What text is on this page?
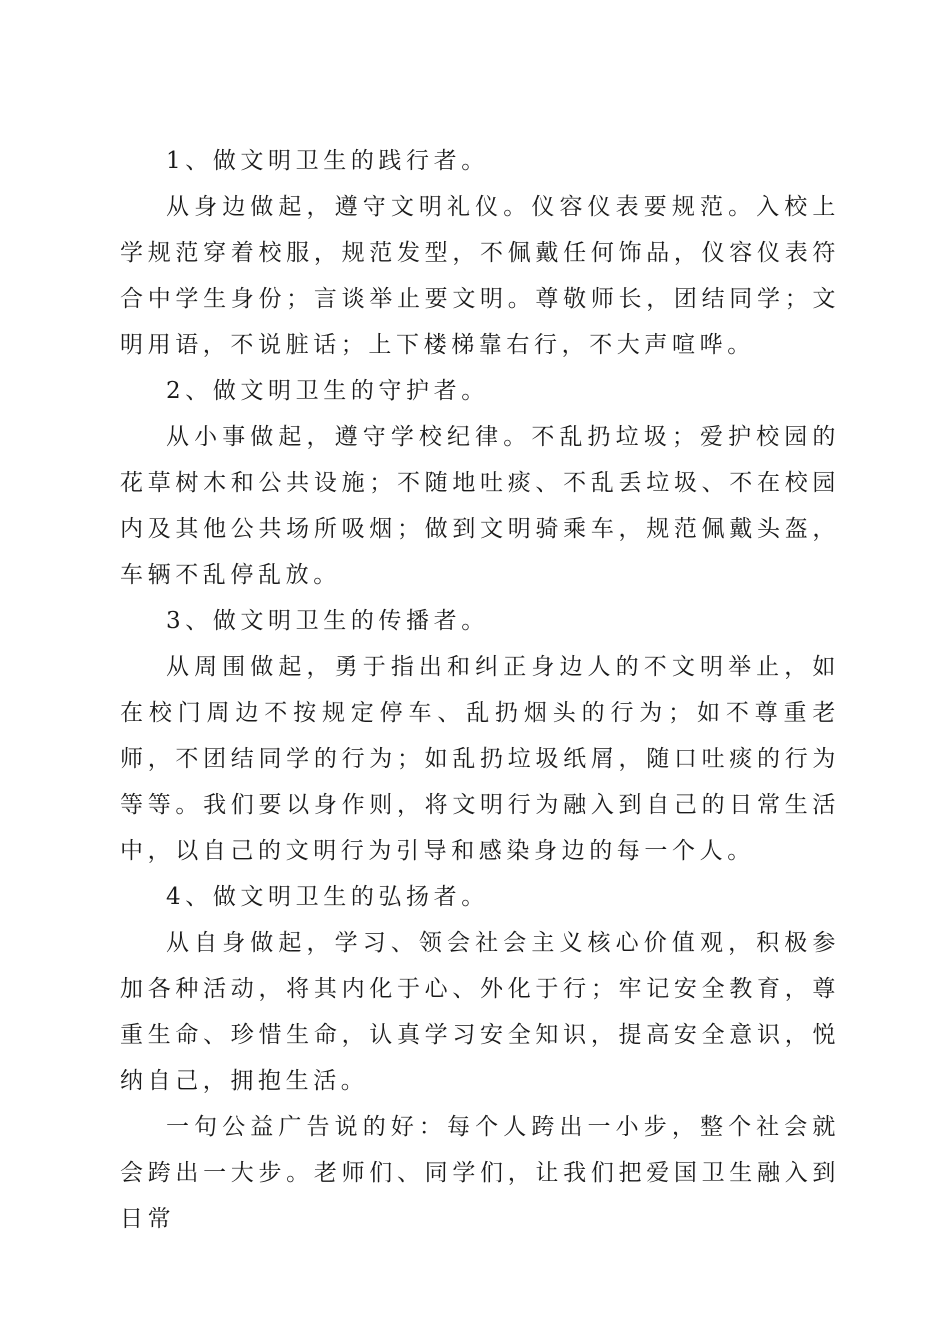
1、做文明卫生的践行者。

从身边做起，遵守文明礼仪。仪容仪表要规范。入校上学规范穿着校服，规范发型，不佩戴任何饰品，仪容仪表符合中学生身份；言谈举止要文明。尊敬师长，团结同学；文明用语，不说脏话；上下楼梯靠右行，不大声喧哗。

2、做文明卫生的守护者。

从小事做起，遵守学校纪律。不乱扔垃圾；爱护校园的花草树木和公共设施；不随地吐痰、不乱丢垃圾、不在校园内及其他公共场所吸烟；做到文明骑乘车，规范佩戴头盔，车辆不乱停乱放。

3、做文明卫生的传播者。

从周围做起，勇于指出和纠正身边人的不文明举止，如在校门周边不按规定停车、乱扔烟头的行为；如不尊重老师，不团结同学的行为；如乱扔垃圾纸屑，随口吐痰的行为等等。我们要以身作则，将文明行为融入到自己的日常生活中，以自己的文明行为引导和感染身边的每一个人。

4、做文明卫生的弘扬者。

从自身做起，学习、领会社会主义核心价值观，积极参加各种活动，将其内化于心、外化于行；牢记安全教育，尊重生命、珍惜生命，认真学习安全知识，提高安全意识，悦纳自己，拥抱生活。

一句公益广告说的好：每个人跨出一小步，整个社会就会跨出一大步。老师们、同学们，让我们把爱国卫生融入到日常
